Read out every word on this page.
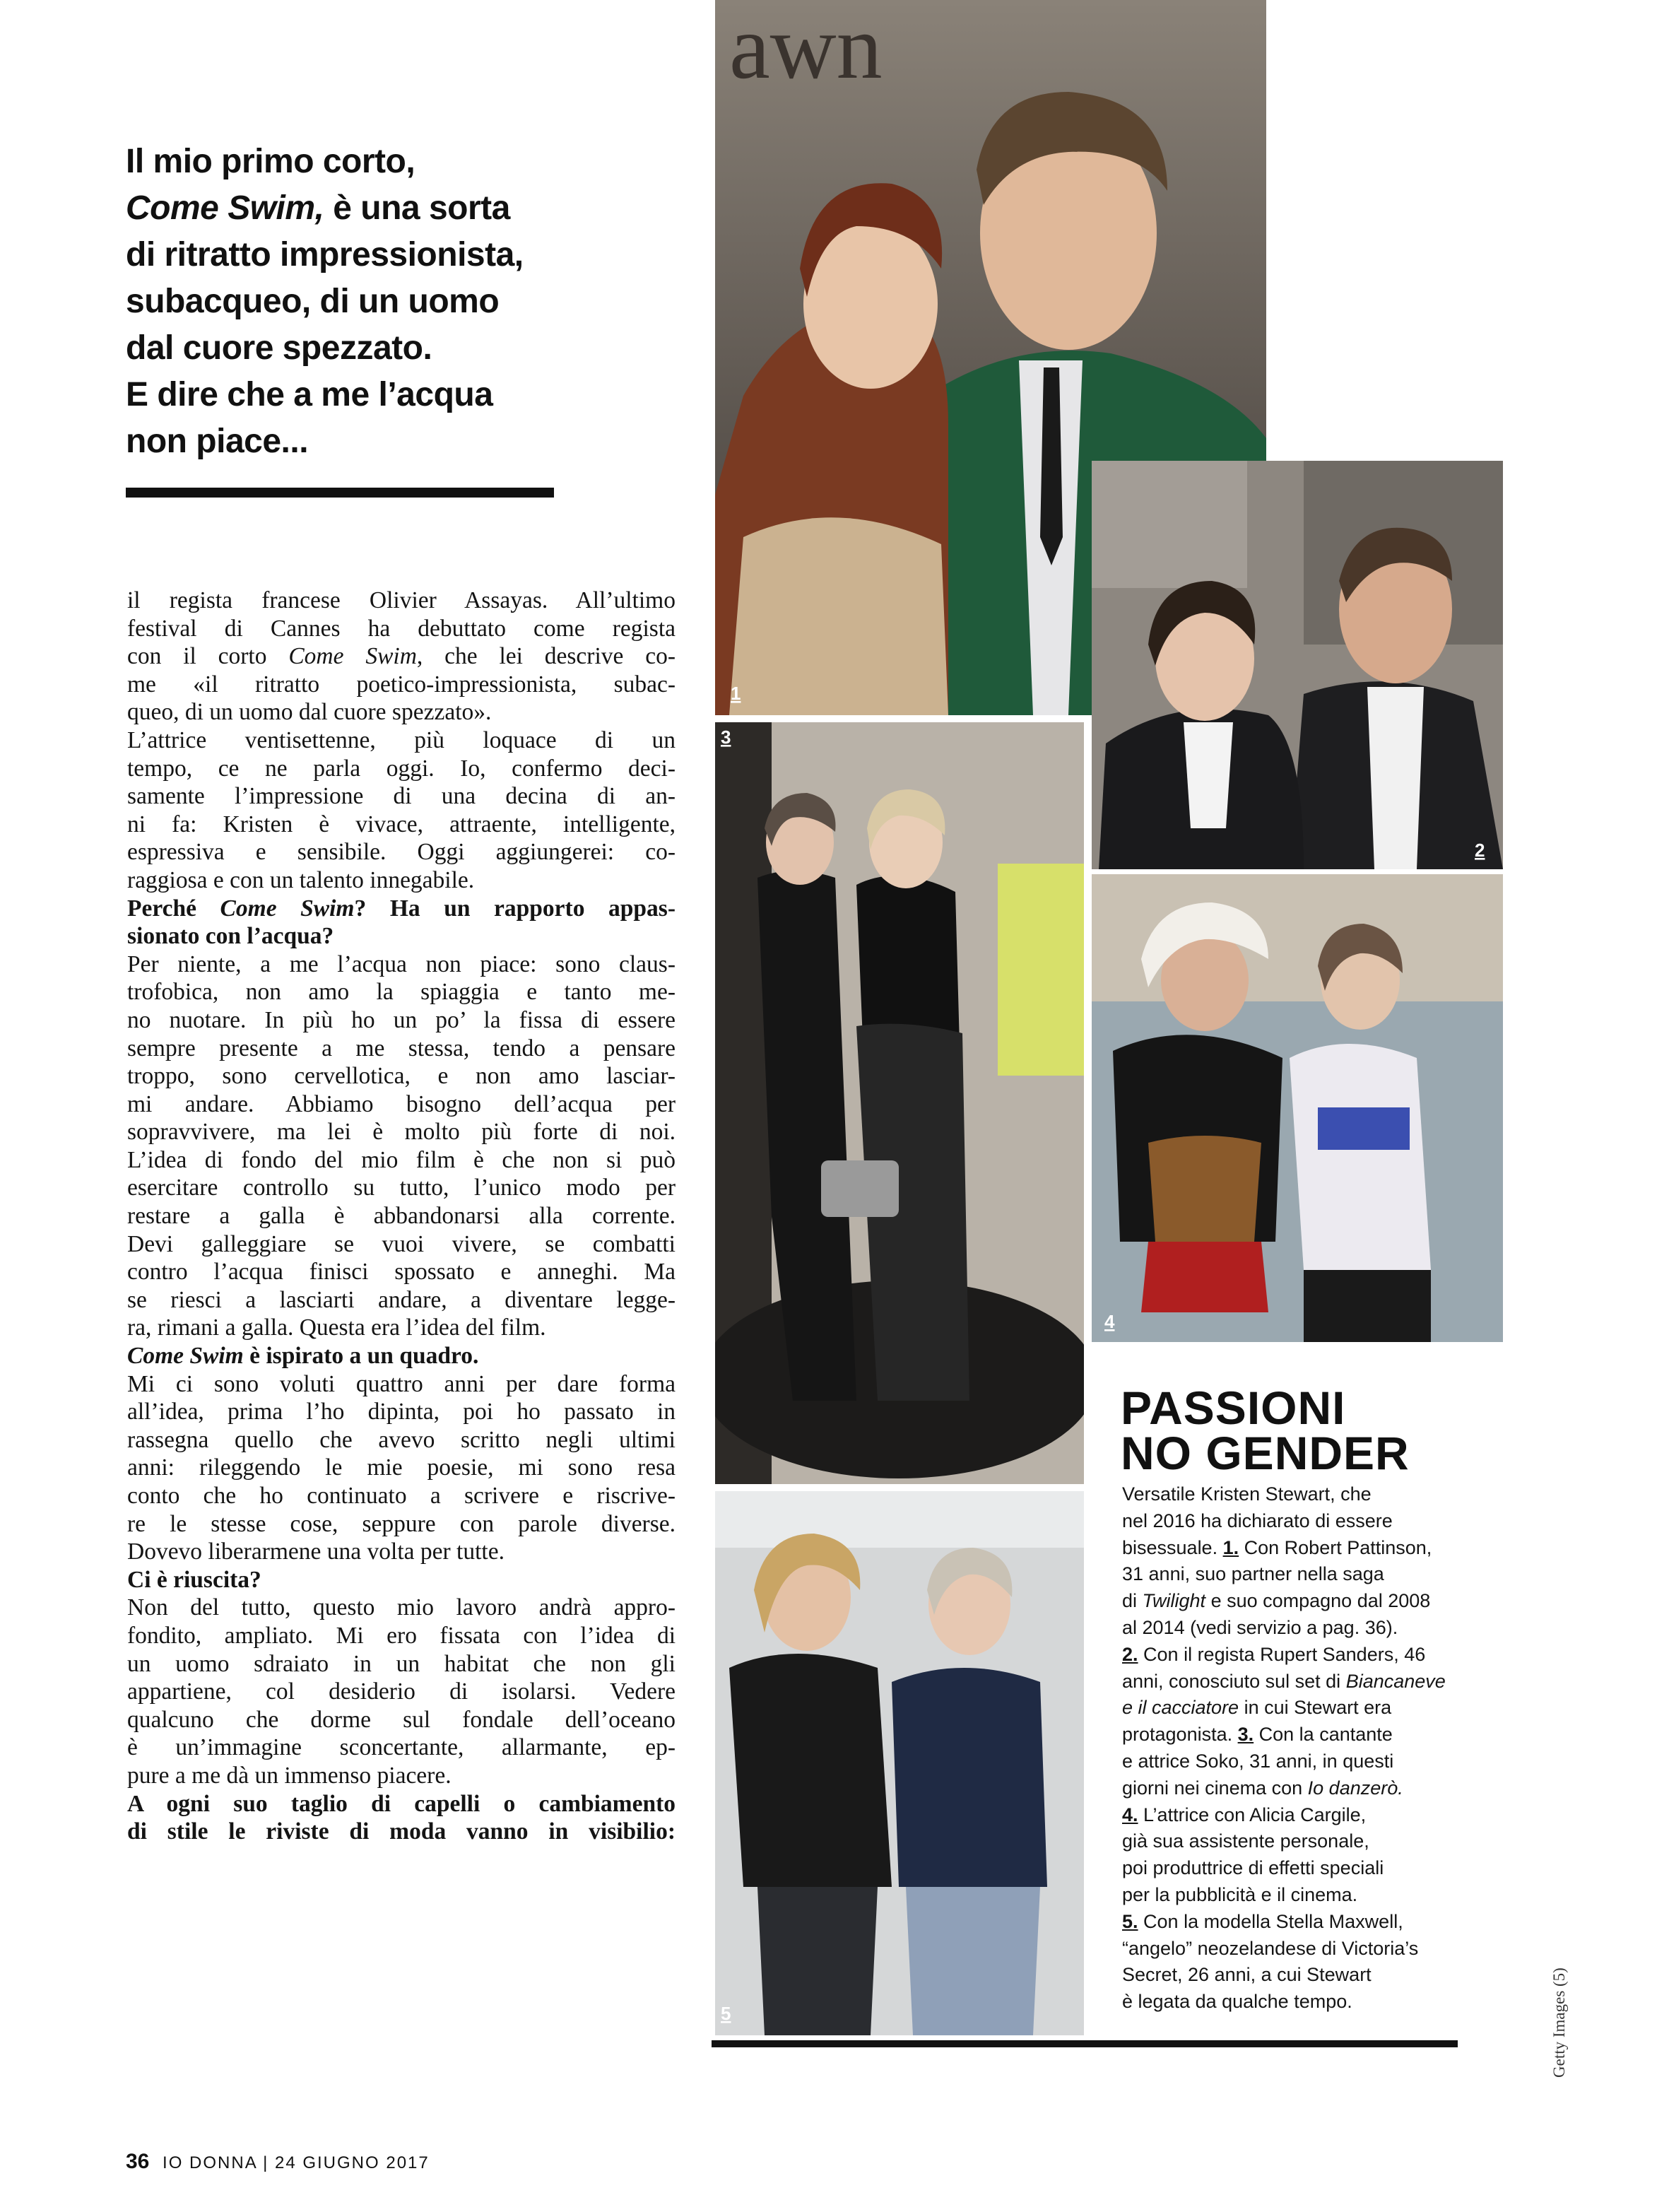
Il mio primo corto,
Come Swim, è una sorta
di ritratto impressionista,
subacqueo, di un uomo
dal cuore spezzato.
E dire che a me l’acqua
non piace...
il regista francese Olivier Assayas. All’ultimo
festival di Cannes ha debuttato come regista
con il corto Come Swim, che lei descrive co-
me «il ritratto poetico-impressionista, subac-
queo, di un uomo dal cuore spezzato».
L’attrice ventisettenne, più loquace di un
tempo, ce ne parla oggi. Io, confermo deci-
samente l’impressione di una decina di an-
ni fa: Kristen è vivace, attraente, intelligente,
espressiva e sensibile. Oggi aggiungerei: co-
raggiosa e con un talento innegabile.
Perché Come Swim? Ha un rapporto appas-
sionato con l’acqua?
Per niente, a me l’acqua non piace: sono claus-
trofobica, non amo la spiaggia e tanto me-
no nuotare. In più ho un po’ la fissa di essere
sempre presente a me stessa, tendo a pensare
troppo, sono cervellotica, e non amo lasciar-
mi andare. Abbiamo bisogno dell’acqua per
sopravvivere, ma lei è molto più forte di noi.
L’idea di fondo del mio film è che non si può
esercitare controllo su tutto, l’unico modo per
restare a galla è abbandonarsi alla corrente.
Devi galleggiare se vuoi vivere, se combatti
contro l’acqua finisci spossato e anneghi. Ma
se riesci a lasciarti andare, a diventare legge-
ra, rimani a galla. Questa era l’idea del film.
Come Swim è ispirato a un quadro.
Mi ci sono voluti quattro anni per dare forma
all’idea, prima l’ho dipinta, poi ho passato in
rassegna quello che avevo scritto negli ultimi
anni: rileggendo le mie poesie, mi sono resa
conto che ho continuato a scrivere e riscrive-
re le stesse cose, seppure con parole diverse.
Dovevo liberarmene una volta per tutte.
Ci è riuscita?
Non del tutto, questo mio lavoro andrà appro-
fondito, ampliato. Mi ero fissata con l’idea di
un uomo sdraiato in un habitat che non gli
appartiene, col desiderio di isolarsi. Vedere
qualcuno che dorme sul fondale dell’oceano
è un’immagine sconcertante, allarmante, ep-
pure a me dà un immenso piacere.
A ogni suo taglio di capelli o cambiamento
di stile le riviste di moda vanno in visibilio:
awn
1
2
3
4
5
PASSIONI
NO GENDER
Versatile Kristen Stewart, che
nel 2016 ha dichiarato di essere
bisessuale. 1. Con Robert Pattinson,
31 anni, suo partner nella saga
di Twilight e suo compagno dal 2008
al 2014 (vedi servizio a pag. 36).
2. Con il regista Rupert Sanders, 46
anni, conosciuto sul set di Biancaneve
e il cacciatore in cui Stewart era
protagonista. 3. Con la cantante
e attrice Soko, 31 anni, in questi
giorni nei cinema con Io danzerò.
4. L’attrice con Alicia Cargile,
già sua assistente personale,
poi produttrice di effetti speciali
per la pubblicità e il cinema.
5. Con la modella Stella Maxwell,
“angelo” neozelandese di Victoria’s
Secret, 26 anni, a cui Stewart
è legata da qualche tempo.	Getty Images (5)
36 IO DONNA | 24 GIUGNO 2017
